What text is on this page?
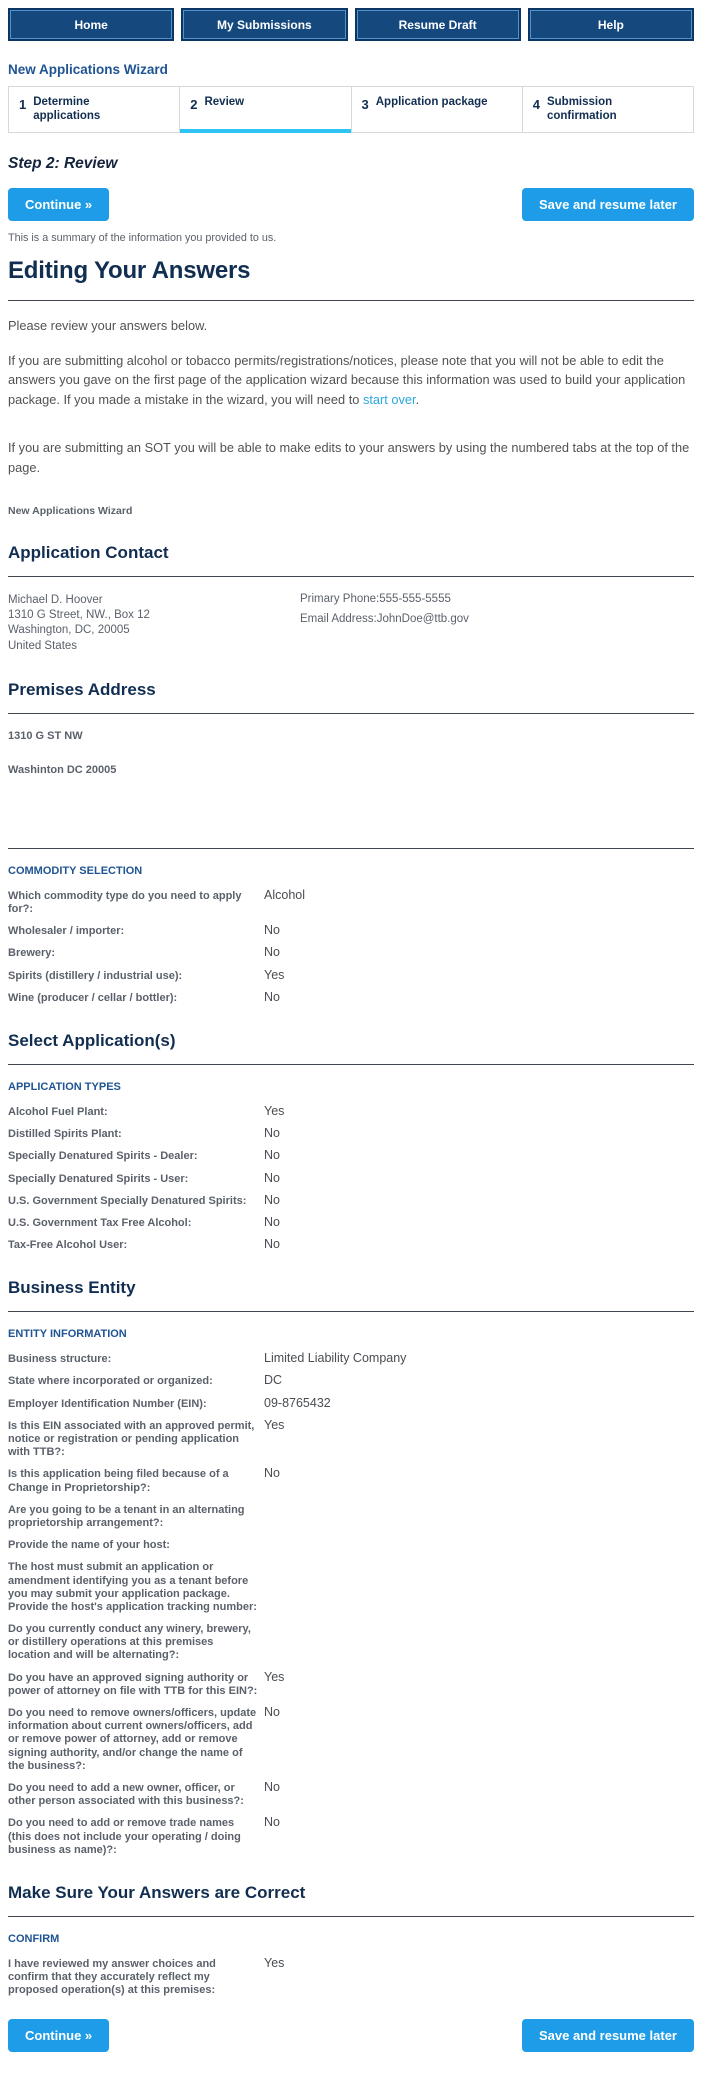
Home	My Submissions	Resume Draft	Help
New Applications Wizard
1 Determine applications
2 Review	3 Application package	4 Submission confirmation
Step 2: Review
Continue »	Save and resume later
This is a summary of the information you provided to us.
Editing Your Answers

Please review your answers below.

If you are submitting alcohol or tobacco permits/registrations/notices, please note that you will not be able to edit the answers you gave on the first page of the application wizard because this information was used to build your application package. If you made a mistake in the wizard, you will need to start over.

If you are submitting an SOT you will be able to make edits to your answers by using the numbered tabs at the top of the page.

New Applications Wizard
Application Contact
Michael D. Hoover
1310 G Street, NW., Box 12
Washington, DC, 20005
United States
Primary Phone:555-555-5555
Email Address:JohnDoe@ttb.gov
Premises Address
1310 G ST NW
Washinton DC 20005
COMMODITY SELECTION
Which commodity type do you need to apply for?:
Alcohol
Wholesaler / importer:	No
Brewery:	No
Spirits (distillery / industrial use):	Yes
Wine (producer / cellar / bottler):	No
Select Application(s)
APPLICATION TYPES
Alcohol Fuel Plant:	Yes
Distilled Spirits Plant:	No
Specially Denatured Spirits - Dealer:	No
Specially Denatured Spirits - User:	No
U.S. Government Specially Denatured Spirits:	No
U.S. Government Tax Free Alcohol:	No
Tax-Free Alcohol User:	No
Business Entity
ENTITY INFORMATION
Business structure:	Limited Liability Company
State where incorporated or organized:	DC
Employer Identification Number (EIN):	09-8765432
Is this EIN associated with an approved permit, notice or registration or pending application with TTB?:
Yes
Is this application being filed because of a Change in Proprietorship?:
No
Are you going to be a tenant in an alternating proprietorship arrangement?:
Provide the name of your host:
The host must submit an application or amendment identifying you as a tenant before you may submit your application package. Provide the host's application tracking number:
Do you currently conduct any winery, brewery, or distillery operations at this premises location and will be alternating?:
Do you have an approved signing authority or power of attorney on file with TTB for this EIN?:
Yes
Do you need to remove owners/officers, update information about current owners/officers, add or remove power of attorney, add or remove signing authority, and/or change the name of the business?:
No
Do you need to add a new owner, officer, or other person associated with this business?:
No
Do you need to add or remove trade names (this does not include your operating / doing business as name)?:
No
Make Sure Your Answers are Correct
CONFIRM
I have reviewed my answer choices and confirm that they accurately reflect my proposed operation(s) at this premises:
Yes
Continue »	Save and resume later
